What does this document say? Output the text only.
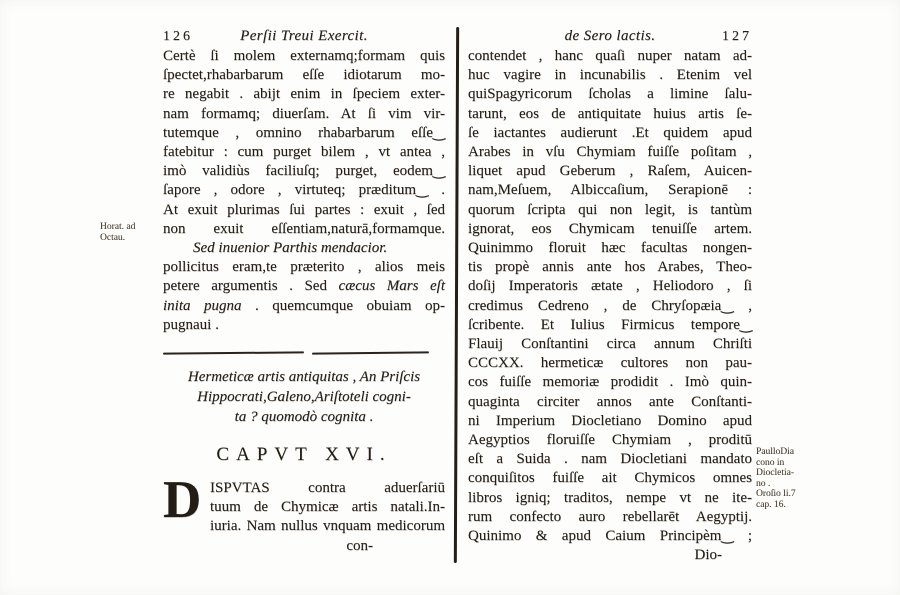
126	Perſii Treui Exercit.
Certè ſi molem externamq;formam quis
ſpectet,rhabarbarum eſſe idiotarum mo-
re negabit . abijt enim in ſpeciem exter-
nam formamq; diuerſam. At ſi vim vir-
tutemque , omnino rhabarbarum eſſe‿
fatebitur : cum purget bilem , vt antea ,
imò validiùs faciliuſq; purget, eodem‿
ſapore , odore , virtuteq; præditum‿ .
At exuit plurimas ſui partes : exuit , ſed
non exuit eſſentiam,naturā,formamque.
Sed inuenior Parthis mendacior.
pollicitus eram,te præterito , alios meis
petere argumentis . Sed cæcus Mars eſt
inita pugna . quemcumque obuiam op-
pugnaui .
Hermeticæ artis antiquitas , An Priſcis
Hippocrati,Galeno,Ariſtoteli cogni-
ta ? quomodò cognita .
CAPVT XVI.
D ISPVTAS contra aduerſariū
tuum de Chymicæ artis natali.In-
iuria. Nam nullus vnquam medicorum
con-
de Sero lactis.	127
contendet , hanc quaſi nuper natam ad-
huc vagire in incunabilis . Etenim vel
quiSpagyricorum ſcholas a limine ſalu-
tarunt, eos de antiquitate huius artis ſe-
ſe iactantes audierunt .Et quidem apud
Arabes in vſu Chymiam fuiſſe poſitam ,
liquet apud Geberum , Raſem, Auicen-
nam,Meſuem, Albiccaſium, Serapionē :
quorum ſcripta qui non legit, is tantùm
ignorat, eos Chymicam tenuiſſe artem.
Quinimmo floruit hæc facultas nongen-
tis propè annis ante hos Arabes, Theo-
doſij Imperatoris ætate , Heliodoro , ſi
credimus Cedreno , de Chryſopæia‿ ,
ſcribente. Et Iulius Firmicus tempore‿
Flauij Conſtantini circa annum Chriſti
CCCXX. hermeticæ cultores non pau-
cos fuiſſe memoriæ prodidit . Imò quin-
quaginta circiter annos ante Conſtanti-
ni Imperium Diocletiano Domino apud
Aegyptios floruiſſe Chymiam , proditū
eſt a Suida . nam Diocletiani mandato
conquiſitos fuiſſe ait Chymicos omnes
libros igniq; traditos, nempe vt ne ite-
rum confecto auro rebellarēt Aegyptij.
Quinimo & apud Caium Principèm‿ ;
Dio-
Horat. ad
Octau.
PaulloDia
cono in
Diocletia-
no .
Oroſio li.7
cap. 16.
